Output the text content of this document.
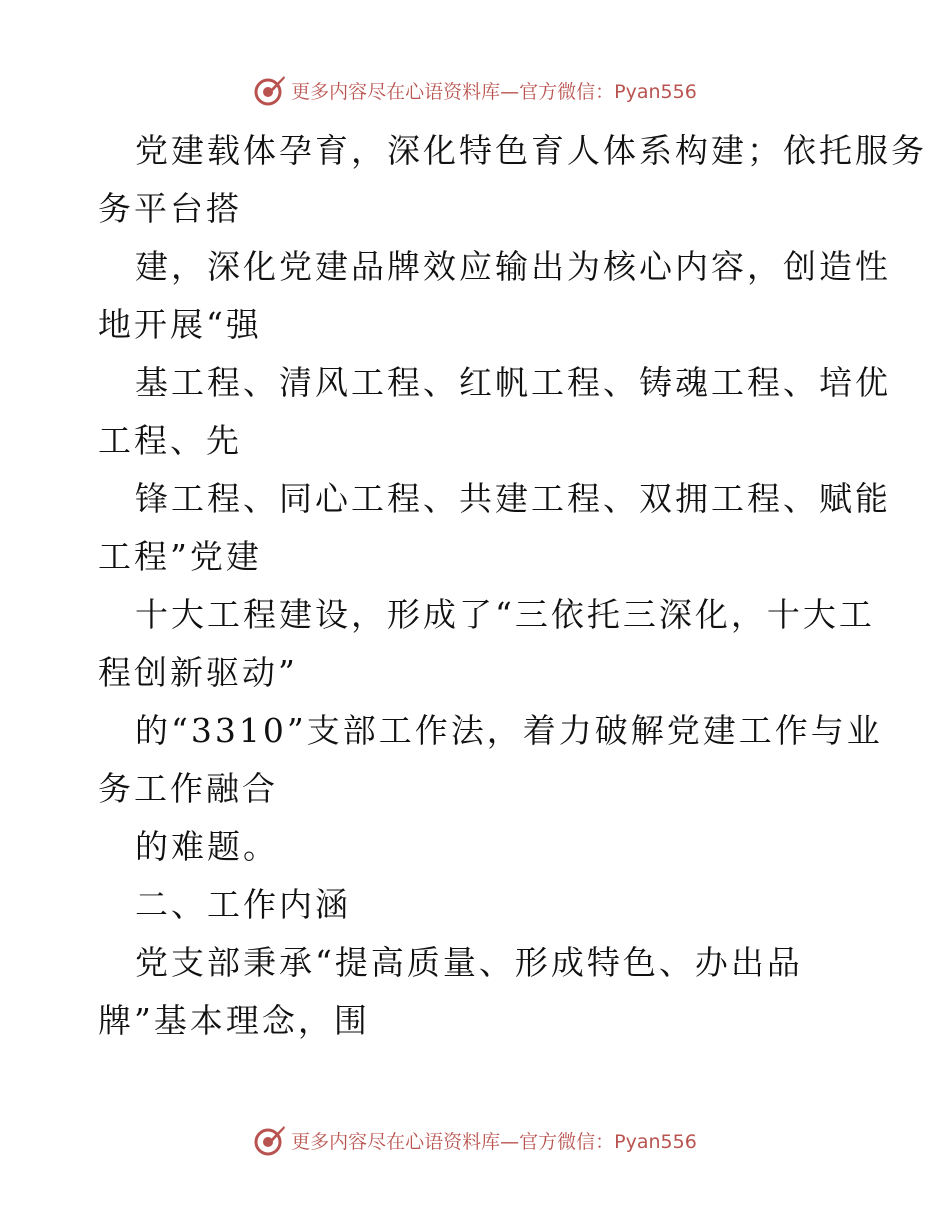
更多内容尽在心语资料库—官方微信：Pyan556
党建载体孕育，深化特色育人体系构建；依托服务
务平台搭
建，深化党建品牌效应输出为核心内容，创造性
地开展“强
基工程、清风工程、红帆工程、铸魂工程、培优
工程、先
锋工程、同心工程、共建工程、双拥工程、赋能
工程”党建
十大工程建设，形成了“三依托三深化，十大工
程创新驱动”
的“3310”支部工作法，着力破解党建工作与业
务工作融合
的难题。
二、工作内涵
党支部秉承“提高质量、形成特色、办出品
牌”基本理念，围
更多内容尽在心语资料库—官方微信：Pyan556
